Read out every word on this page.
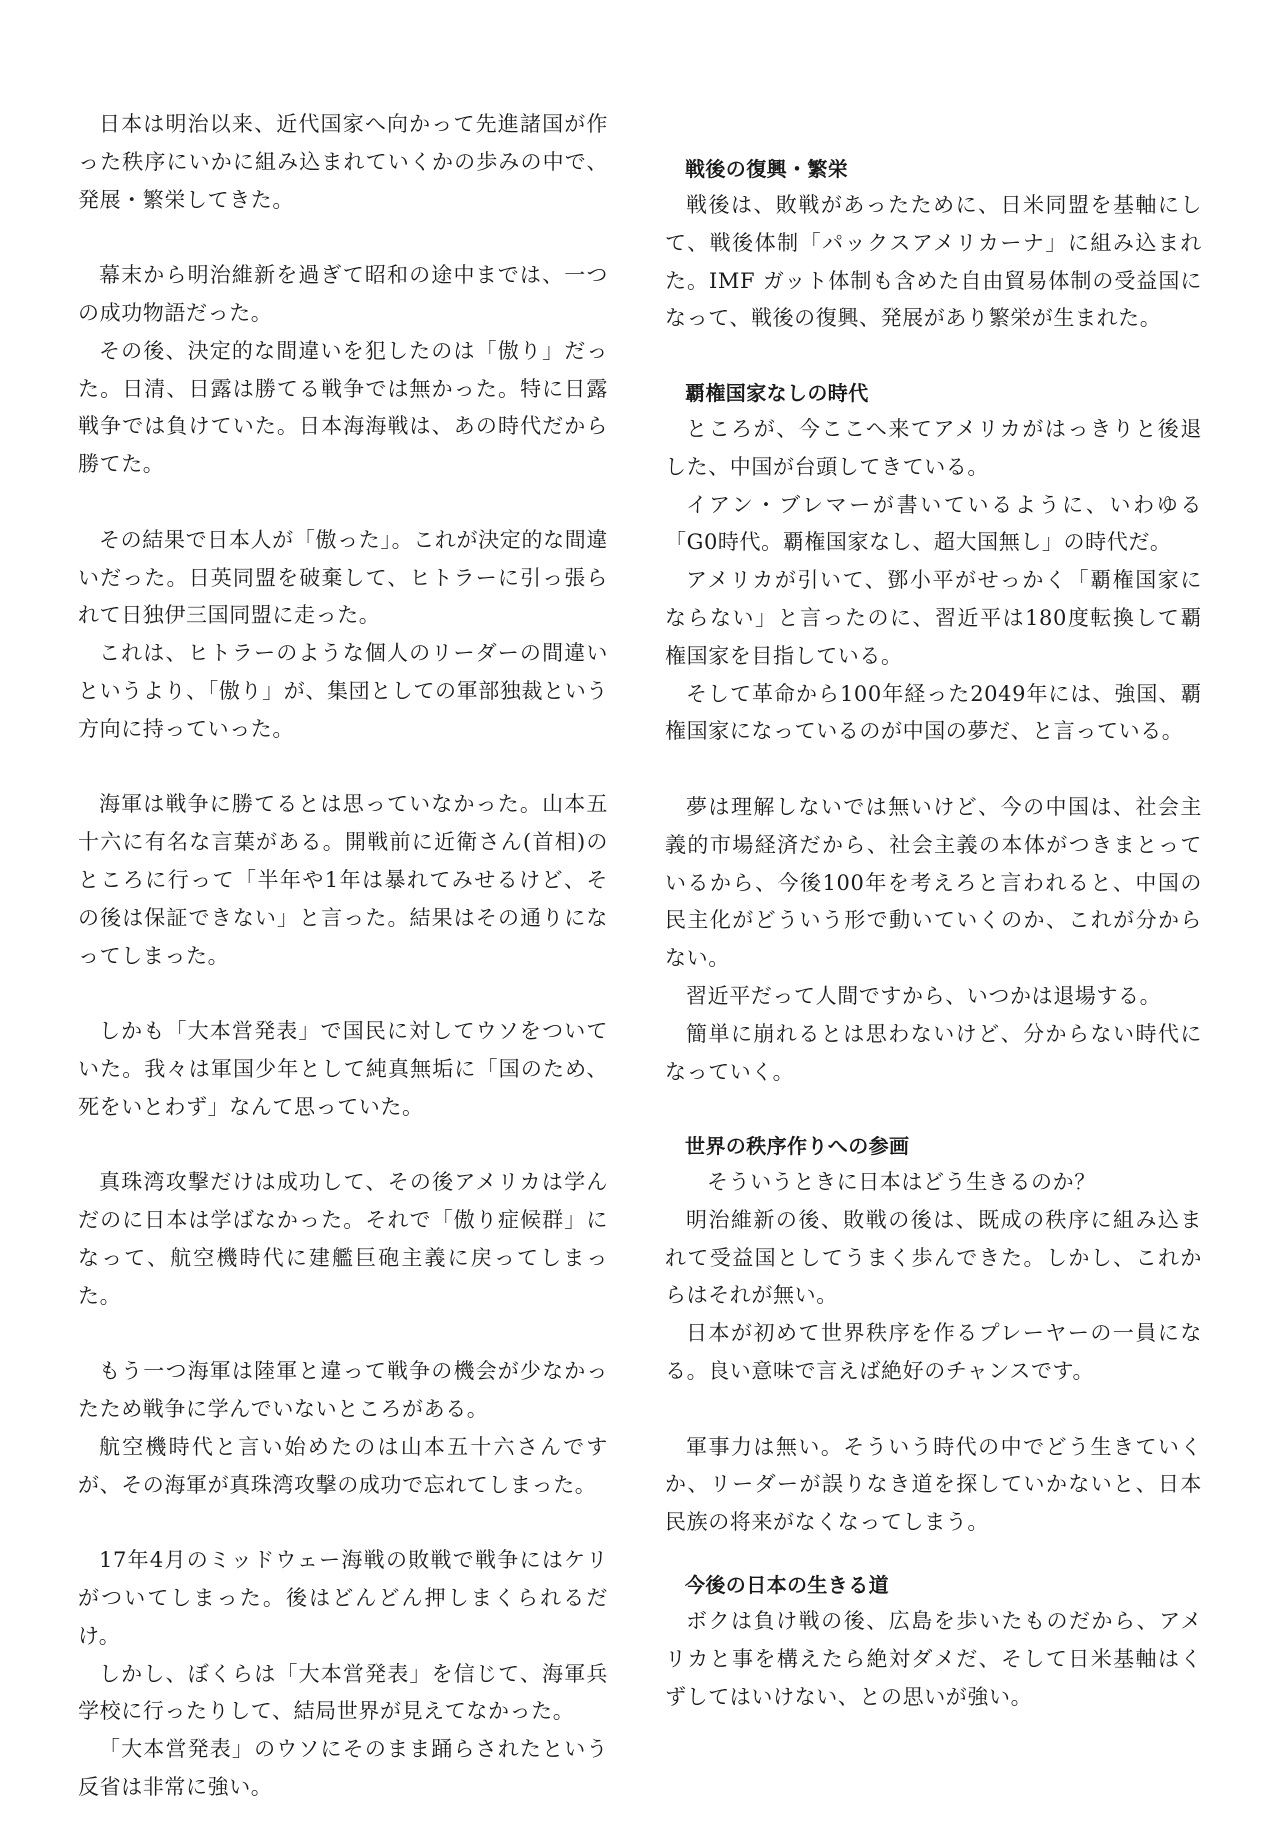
日本は明治以来、近代国家へ向かって先進諸国が作った秩序にいかに組み込まれていくかの歩みの中で、発展・繁栄してきた。

幕末から明治維新を過ぎて昭和の途中までは、一つの成功物語だった。

その後、決定的な間違いを犯したのは「傲り」だった。日清、日露は勝てる戦争では無かった。特に日露戦争では負けていた。日本海海戦は、あの時代だから勝てた。

その結果で日本人が「傲った」。これが決定的な間違いだった。日英同盟を破棄して、ヒトラーに引っ張られて日独伊三国同盟に走った。

これは、ヒトラーのような個人のリーダーの間違いというより、「傲り」が、集団としての軍部独裁という方向に持っていった。

海軍は戦争に勝てるとは思っていなかった。山本五十六に有名な言葉がある。開戦前に近衛さん(首相)のところに行って「半年や1年は暴れてみせるけど、その後は保証できない」と言った。結果はその通りになってしまった。

しかも「大本営発表」で国民に対してウソをついていた。我々は軍国少年として純真無垢に「国のため、死をいとわず」なんて思っていた。

真珠湾攻撃だけは成功して、その後アメリカは学んだのに日本は学ばなかった。それで「傲り症候群」になって、航空機時代に建艦巨砲主義に戻ってしまった。

もう一つ海軍は陸軍と違って戦争の機会が少なかったため戦争に学んでいないところがある。

航空機時代と言い始めたのは山本五十六さんですが、その海軍が真珠湾攻撃の成功で忘れてしまった。

17年4月のミッドウェー海戦の敗戦で戦争にはケリがついてしまった。後はどんどん押しまくられるだけ。

しかし、ぼくらは「大本営発表」を信じて、海軍兵学校に行ったりして、結局世界が見えてなかった。

「大本営発表」のウソにそのまま踊らされたという反省は非常に強い。

戦後の復興・繁栄

戦後は、敗戦があったために、日米同盟を基軸にして、戦後体制「パックスアメリカーナ」に組み込まれた。IMF ガット体制も含めた自由貿易体制の受益国になって、戦後の復興、発展があり繁栄が生まれた。

覇権国家なしの時代

ところが、今ここへ来てアメリカがはっきりと後退した、中国が台頭してきている。

イアン・ブレマーが書いているように、いわゆる「G0時代。覇権国家なし、超大国無し」の時代だ。

アメリカが引いて、鄧小平がせっかく「覇権国家にならない」と言ったのに、習近平は180度転換して覇権国家を目指している。

そして革命から100年経った2049年には、強国、覇権国家になっているのが中国の夢だ、と言っている。

夢は理解しないでは無いけど、今の中国は、社会主義的市場経済だから、社会主義の本体がつきまとっているから、今後100年を考えろと言われると、中国の民主化がどういう形で動いていくのか、これが分からない。

習近平だって人間ですから、いつかは退場する。

簡単に崩れるとは思わないけど、分からない時代になっていく。

世界の秩序作りへの参画

そういうときに日本はどう生きるのか？

明治維新の後、敗戦の後は、既成の秩序に組み込まれて受益国としてうまく歩んできた。しかし、これからはそれが無い。

日本が初めて世界秩序を作るプレーヤーの一員になる。良い意味で言えば絶好のチャンスです。

軍事力は無い。そういう時代の中でどう生きていくか、リーダーが誤りなき道を探していかないと、日本民族の将来がなくなってしまう。

今後の日本の生きる道

ボクは負け戦の後、広島を歩いたものだから、アメリカと事を構えたら絶対ダメだ、そして日米基軸はくずしてはいけない、との思いが強い。
